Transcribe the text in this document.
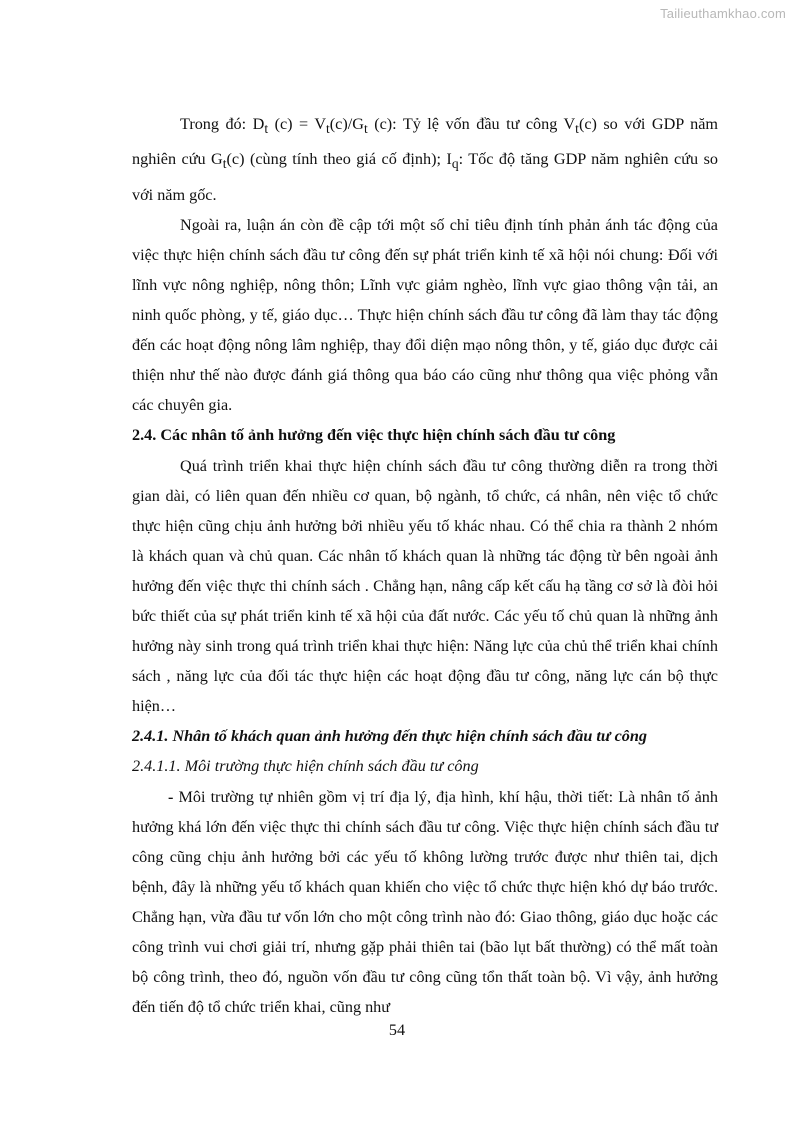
Tailieuthamkhao.com

Trong đó: $D_t$ $(c) = V_t(c)/G_t$ (c): Tỷ lệ vốn đầu tư công $V_t(c)$ so với GDP năm nghiên cứu $G_t(c)$ (cùng tính theo giá cố định); $I_q$: Tốc độ tăng GDP năm nghiên cứu so với năm gốc.

Ngoài ra, luận án còn đề cập tới một số chỉ tiêu định tính phản ánh tác động của việc thực hiện chính sách đầu tư công đến sự phát triển kinh tế xã hội nói chung: Đối với lĩnh vực nông nghiệp, nông thôn; Lĩnh vực giảm nghèo, lĩnh vực giao thông vận tải, an ninh quốc phòng, y tế, giáo dục… Thực hiện chính sách đầu tư công đã làm thay tác động đến các hoạt động nông lâm nghiệp, thay đổi diện mạo nông thôn, y tế, giáo dục được cải thiện như thế nào được đánh giá thông qua báo cáo cũng như thông qua việc phỏng vẫn các chuyên gia.

2.4. Các nhân tố ảnh hưởng đến việc thực hiện chính sách đầu tư công

Quá trình triển khai thực hiện chính sách đầu tư công thường diễn ra trong thời gian dài, có liên quan đến nhiều cơ quan, bộ ngành, tổ chức, cá nhân, nên việc tổ chức thực hiện cũng chịu ảnh hưởng bởi nhiều yếu tố khác nhau. Có thể chia ra thành 2 nhóm là khách quan và chủ quan. Các nhân tố khách quan là những tác động từ bên ngoài ảnh hưởng đến việc thực thi chính sách . Chẳng hạn, nâng cấp kết cấu hạ tầng cơ sở là đòi hỏi bức thiết của sự phát triển kinh tế xã hội của đất nước. Các yếu tố chủ quan là những ảnh hưởng này sinh trong quá trình triển khai thực hiện: Năng lực của chủ thể triển khai chính sách , năng lực của đối tác thực hiện các hoạt động đầu tư công, năng lực cán bộ thực hiện…

2.4.1. Nhân tố khách quan ảnh hưởng đến thực hiện chính sách đầu tư công

2.4.1.1. Môi trường thực hiện chính sách đầu tư công

- Môi trường tự nhiên gồm vị trí địa lý, địa hình, khí hậu, thời tiết: Là nhân tố ảnh hưởng khá lớn đến việc thực thi chính sách đầu tư công. Việc thực hiện chính sách đầu tư công cũng chịu ảnh hưởng bởi các yếu tố không lường trước được như thiên tai, dịch bệnh, đây là những yếu tố khách quan khiến cho việc tổ chức thực hiện khó dự báo trước. Chẳng hạn, vừa đầu tư vốn lớn cho một công trình nào đó: Giao thông, giáo dục hoặc các công trình vui chơi giải trí, nhưng gặp phải thiên tai (bão lụt bất thường) có thể mất toàn bộ công trình, theo đó, nguồn vốn đầu tư công cũng tổn thất toàn bộ. Vì vậy, ảnh hưởng đến tiến độ tổ chức triển khai, cũng như

54
